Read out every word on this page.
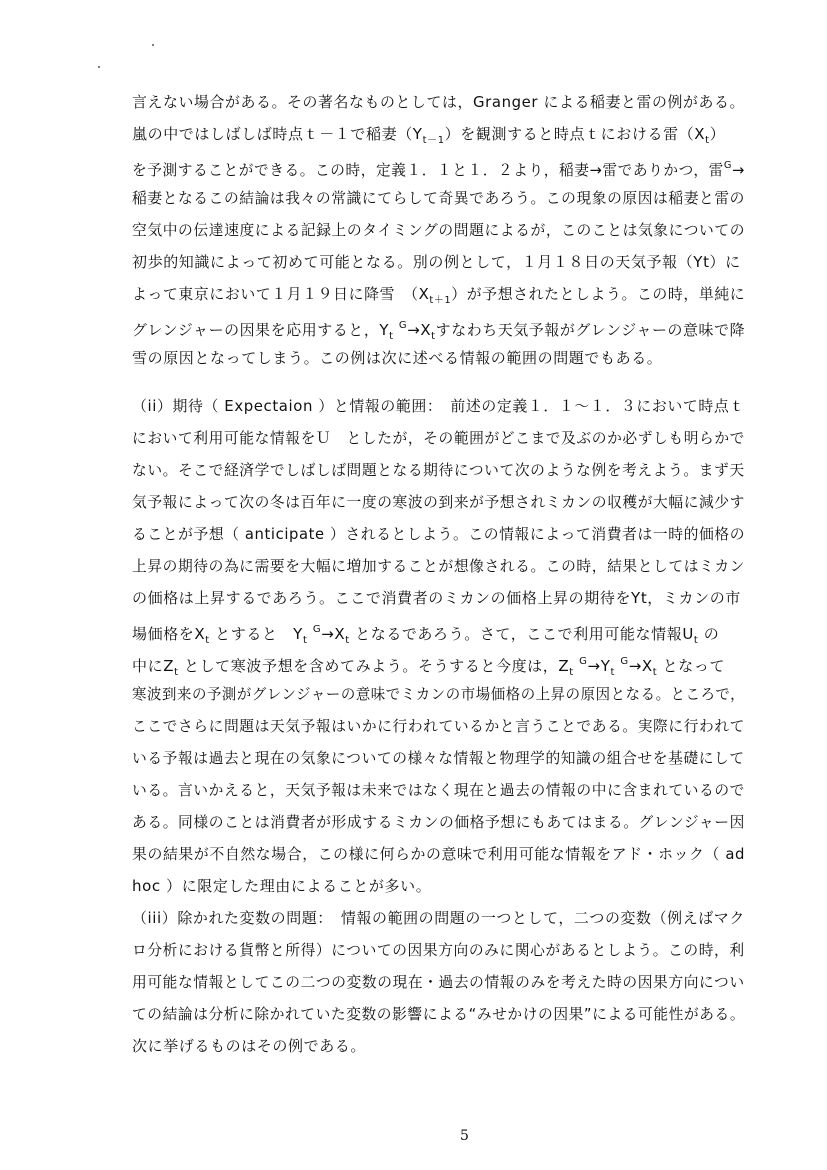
言えない場合がある。その著名なものとしては，Granger による稲妻と雷の例がある。
嵐の中ではしばしば時点ｔ－１で稲妻$(Y_{t-1})$を観測すると時点ｔにおける雷$(X_t)$
を予測することができる。この時，定義１．１と１．２より，稲妻→雷でありかつ，雷$^G$→
稲妻となるこの結論は我々の常識にてらして奇異であろう。この現象の原因は稲妻と雷の
空気中の伝達速度による記録上のタイミングの問題によるが，このことは気象についての
初歩的知識によって初めて可能となる。別の例として，１月１８日の天気予報（Yt）に
よって東京において１月１９日に降雪　$(X_{t+1})$が予想されたとしよう。この時，単純に
グレンジャーの因果を応用すると，$Y_t$ $^G\to X_t$すなわち天気予報がグレンジャーの意味で降
雪の原因となってしまう。この例は次に述べる情報の範囲の問題でもある。
（ii）期待（ Expectaion ）と情報の範囲：　前述の定義１．１～１．３において時点ｔ
において利用可能な情報をＵ　としたが，その範囲がどこまで及ぶのか必ずしも明らかで
ない。そこで経済学でしばしば問題となる期待について次のような例を考えよう。まず天
気予報によって次の冬は百年に一度の寒波の到来が予想されミカンの収穫が大幅に減少す
ることが予想（ anticipate ）されるとしよう。この情報によって消費者は一時的価格の
上昇の期待の為に需要を大幅に増加することが想像される。この時，結果としてはミカン
の価格は上昇するであろう。ここで消費者のミカンの価格上昇の期待をYt，ミカンの市
場価格を$X_t$ とすると　$Y_t$ $^G\to X_t$ となるであろう。さて，ここで利用可能な情報$U_t$ の
中に$Z_t$ として寒波予想を含めてみよう。そうすると今度は，$Z_t$ $^G\to Y_t$ $^G\to X_t$ となって
寒波到来の予測がグレンジャーの意味でミカンの市場価格の上昇の原因となる。ところで，
ここでさらに問題は天気予報はいかに行われているかと言うことである。実際に行われて
いる予報は過去と現在の気象についての様々な情報と物理学的知識の組合せを基礎にして
いる。言いかえると，天気予報は未来ではなく現在と過去の情報の中に含まれているので
ある。同様のことは消費者が形成するミカンの価格予想にもあてはまる。グレンジャー因
果の結果が不自然な場合，この様に何らかの意味で利用可能な情報をアド・ホック（ ad
hoc ）に限定した理由によることが多い。
（iii）除かれた変数の問題：　情報の範囲の問題の一つとして，二つの変数（例えばマク
ロ分析における貨幣と所得）についての因果方向のみに関心があるとしよう。この時，利
用可能な情報としてこの二つの変数の現在・過去の情報のみを考えた時の因果方向につい
ての結論は分析に除かれていた変数の影響による“みせかけの因果”による可能性がある。
次に挙げるものはその例である。
5
